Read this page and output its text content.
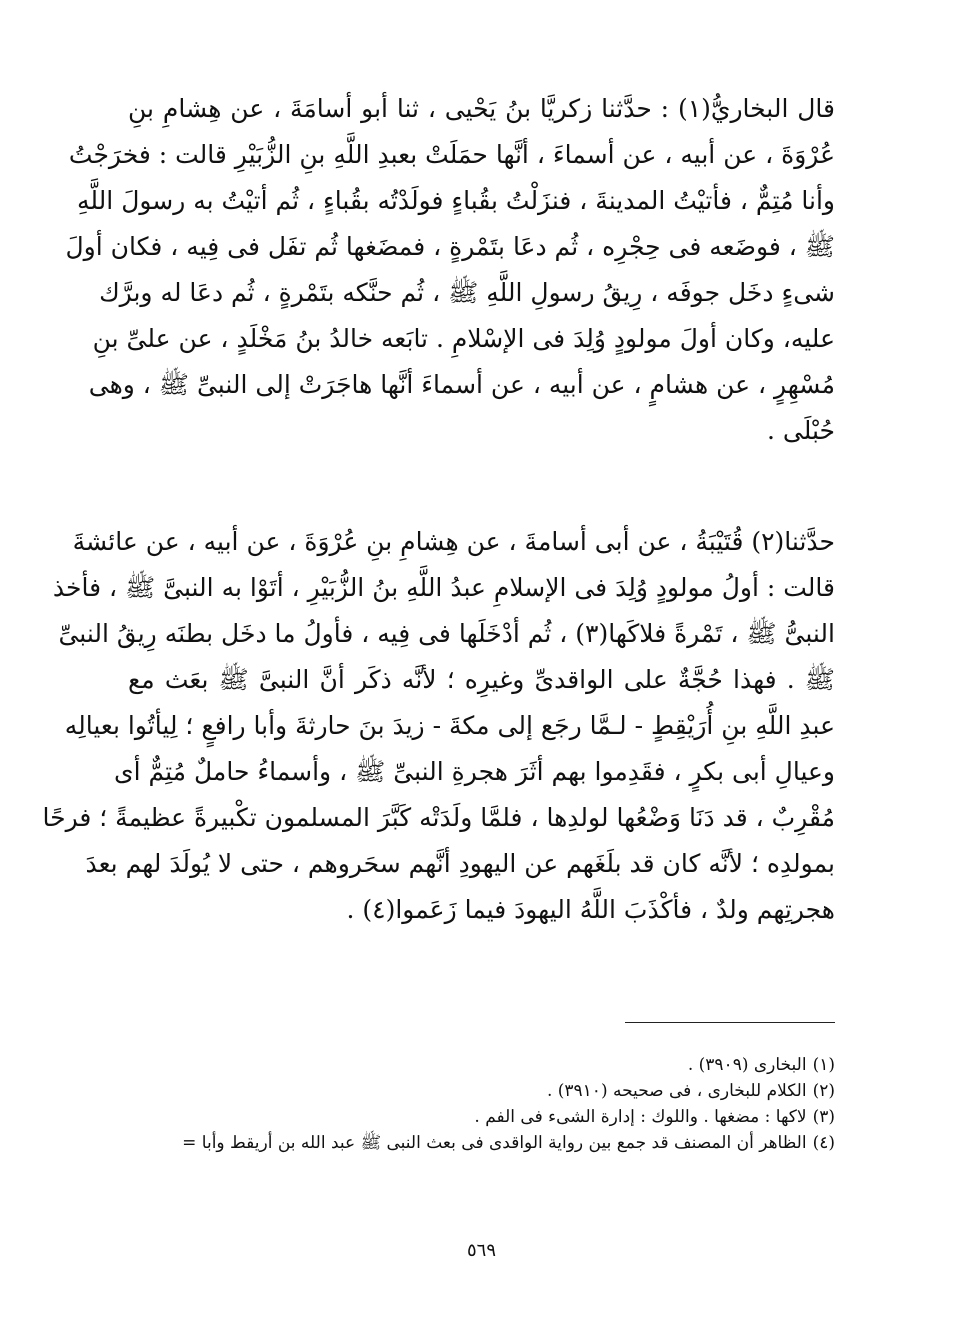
قال البخاريُّ(١) : حدَّثنا زكريَّا بنُ يَحْيى ، ثنا أبو أسامَةَ ، عن هِشامِ بنِ
عُرْوَةَ ، عن أبيه ، عن أسماءَ ، أنَّها حمَلَتْ بعبدِ اللَّهِ بنِ الزُّبَيْرِ قالت : فخرَجْتُ
وأنا مُتِمٌّ ، فأتيْتُ المدينةَ ، فنزَلْتُ بقُباءٍ فولَدْتُه بقُباءٍ ، ثُم أتيْتُ به رسولَ اللَّهِ
ﷺ ، فوضَعه فى حِجْرِه ، ثُم دعَا بتَمْرةٍ ، فمضَغها ثُم تفَل فى فِيه ، فكان أولَ
شىءٍ دخَل جوفَه ، رِيقُ رسولِ اللَّهِ ﷺ ، ثُم حنَّكه بتَمْرةٍ ، ثُم دعَا له وبرَّك
عليه، وكان أولَ مولودٍ وُلِدَ فى الإسْلامِ . تابَعه خالدُ بنُ مَخْلَدٍ ، عن علىِّ بنِ
مُسْهِرٍ ، عن هشامٍ ، عن أبيه ، عن أسماءَ أنَّها هاجَرَتْ إلى النبىِّ ﷺ ، وهى
حُبْلَى .
حدَّثنا(٢) قُتَيْبَةُ ، عن أبى أسامةَ ، عن هِشامِ بنِ عُرْوَةَ ، عن أبيه ، عن عائشةَ
قالت : أولُ مولودٍ وُلِدَ فى الإسلامِ عبدُ اللَّهِ بنُ الزُّبَيْرِ ، أتَوْا به النبىَّ ﷺ ، فأخذ
النبىُّ ﷺ ، تَمْرةً فلاكَها(٣) ، ثُم أدْخَلَها فى فِيه ، فأولُ ما دخَل بطنَه رِيقُ النبىِّ
ﷺ . فهذا حُجَّةٌ على الواقدىِّ وغيرِه ؛ لأنَّه ذكَر أنَّ النبىَّ ﷺ بعَث مع
عبدِ اللَّهِ بنِ أُرَيْقِطٍ - لـمَّا رجَع إلى مكةَ - زيدَ بنَ حارثةَ وأبا رافعٍ ؛ لِيأتُوا بعيالِه
وعيالِ أبى بكرٍ ، فقَدِموا بهم أثَرَ هجرةِ النبىِّ ﷺ ، وأسماءُ حاملٌ مُتِمٌّ أى
مُقْرِبٌ ، قد دَنَا وَضْعُها لولدِها ، فلمَّا ولَدَتْه كَبَّرَ المسلمون تكْبيرةً عظيمةً ؛ فرحًا
بمولدِه ؛ لأنَّه كان قد بلَغَهم عن اليهودِ أنَّهم سحَروهم ، حتى لا يُولَدَ لهم بعدَ
هجرتِهم ولدٌ ، فأكْذَبَ اللَّهُ اليهودَ فيما زَعَموا(٤) .
(١)البخارى (٣٩٠٩) .
(٢)الكلام للبخارى ، فى صحيحه (٣٩١٠) .
(٣)لاكها : مضغها . واللوك : إدارة الشىء فى الفم .
(٤)الظاهر أن المصنف قد جمع بين رواية الواقدى فى بعث النبى ﷺ عبد الله بن أريقط وأبا =
٥٦٩
